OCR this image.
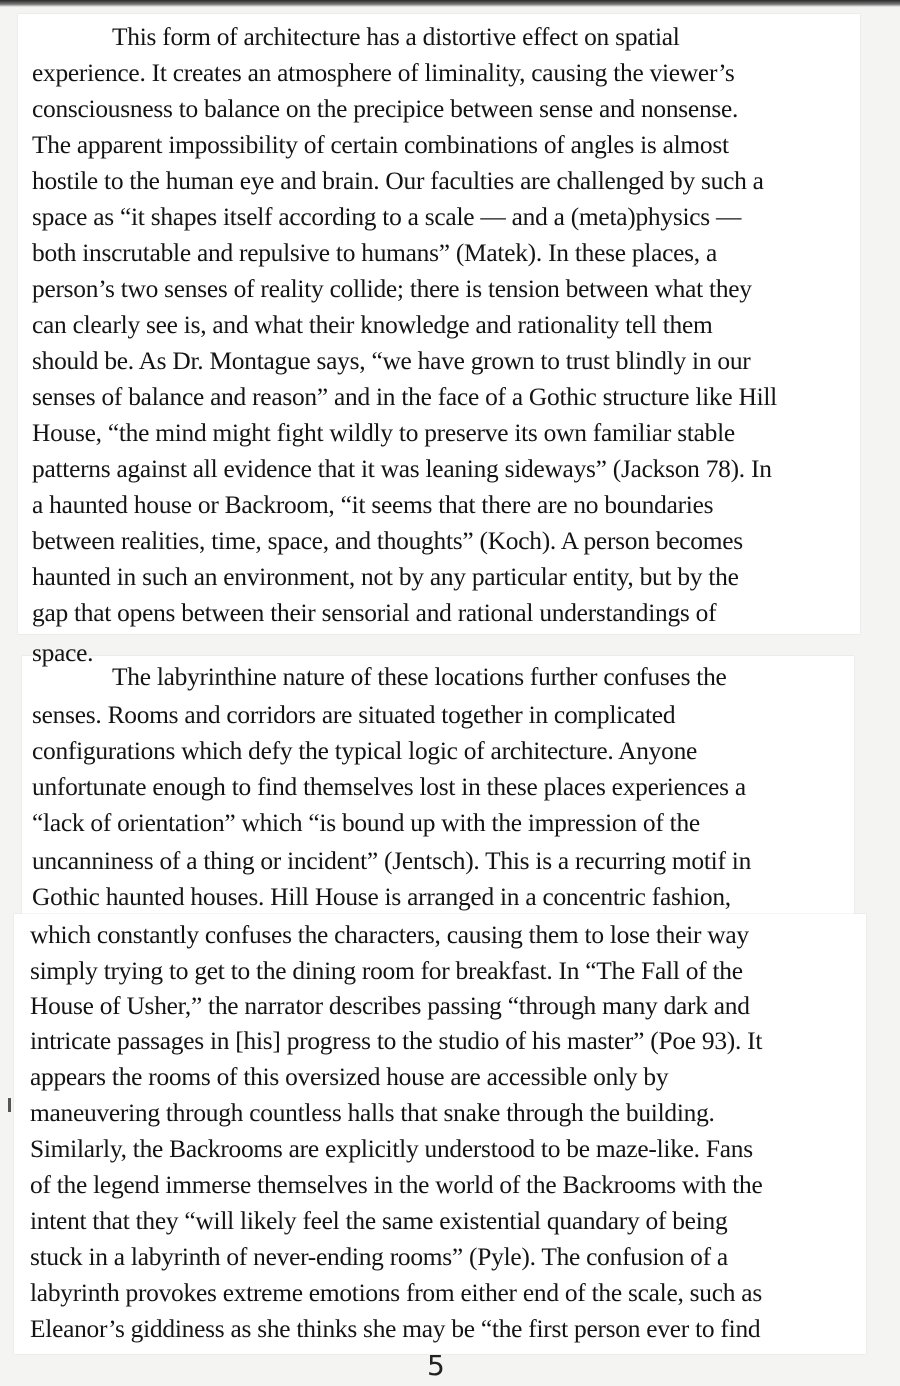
This form of architecture has a distortive effect on spatial
experience. It creates an atmosphere of liminality, causing the viewer’s
consciousness to balance on the precipice between sense and nonsense.
The apparent impossibility of certain combinations of angles is almost
hostile to the human eye and brain. Our faculties are challenged by such a
space as “it shapes itself according to a scale — and a (meta)physics —
both inscrutable and repulsive to humans” (Matek). In these places, a
person’s two senses of reality collide; there is tension between what they
can clearly see is, and what their knowledge and rationality tell them
should be. As Dr. Montague says, “we have grown to trust blindly in our
senses of balance and reason” and in the face of a Gothic structure like Hill
House, “the mind might fight wildly to preserve its own familiar stable
patterns against all evidence that it was leaning sideways” (Jackson 78). In
a haunted house or Backroom, “it seems that there are no boundaries
between realities, time, space, and thoughts” (Koch). A person becomes
haunted in such an environment, not by any particular entity, but by the
gap that opens between their sensorial and rational understandings of
space.
The labyrinthine nature of these locations further confuses the
senses. Rooms and corridors are situated together in complicated
configurations which defy the typical logic of architecture. Anyone
unfortunate enough to find themselves lost in these places experiences a
“lack of orientation” which “is bound up with the impression of the
uncanniness of a thing or incident” (Jentsch). This is a recurring motif in
Gothic haunted houses. Hill House is arranged in a concentric fashion,
which constantly confuses the characters, causing them to lose their way
simply trying to get to the dining room for breakfast. In “The Fall of the
House of Usher,” the narrator describes passing “through many dark and
intricate passages in [his] progress to the studio of his master” (Poe 93). It
appears the rooms of this oversized house are accessible only by
maneuvering through countless halls that snake through the building.
Similarly, the Backrooms are explicitly understood to be maze-like. Fans
of the legend immerse themselves in the world of the Backrooms with the
intent that they “will likely feel the same existential quandary of being
stuck in a labyrinth of never-ending rooms” (Pyle). The confusion of a
labyrinth provokes extreme emotions from either end of the scale, such as
Eleanor’s giddiness as she thinks she may be “the first person ever to find
5
